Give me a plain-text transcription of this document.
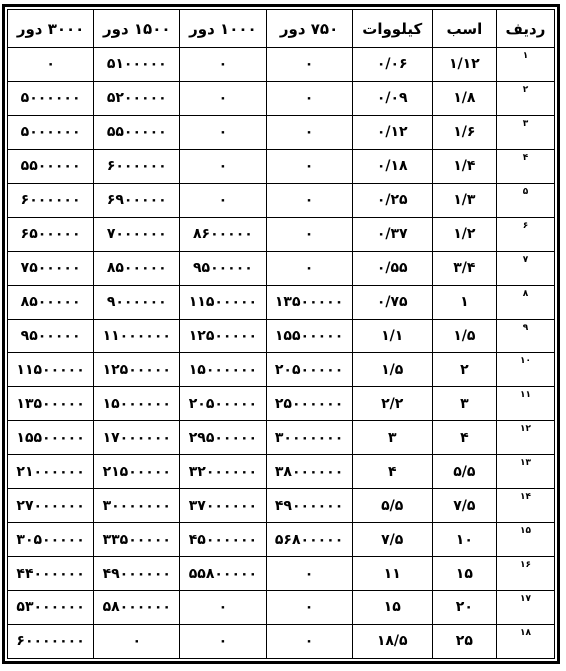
ردیف	اسب	کیلووات	۷۵۰ دور	۱۰۰۰ دور	۱۵۰۰ دور	۳۰۰۰ دور
۱	۱/۱۲	۰/۰۶	۰	۰	۵۱۰۰۰۰۰	۰
۲	۱/۸	۰/۰۹	۰	۰	۵۲۰۰۰۰۰	۵۰۰۰۰۰۰
۳	۱/۶	۰/۱۲	۰	۰	۵۵۰۰۰۰۰	۵۰۰۰۰۰۰
۴	۱/۴	۰/۱۸	۰	۰	۶۰۰۰۰۰۰	۵۵۰۰۰۰۰
۵	۱/۳	۰/۲۵	۰	۰	۶۹۰۰۰۰۰	۶۰۰۰۰۰۰
۶	۱/۲	۰/۳۷	۰	۸۶۰۰۰۰۰	۷۰۰۰۰۰۰	۶۵۰۰۰۰۰
۷	۳/۴	۰/۵۵	۰	۹۵۰۰۰۰۰	۸۵۰۰۰۰۰	۷۵۰۰۰۰۰
۸	۱	۰/۷۵	۱۳۵۰۰۰۰۰	۱۱۵۰۰۰۰۰	۹۰۰۰۰۰۰	۸۵۰۰۰۰۰
۹	۱/۵	۱/۱	۱۵۵۰۰۰۰۰	۱۲۵۰۰۰۰۰	۱۱۰۰۰۰۰۰	۹۵۰۰۰۰۰
۱۰	۲	۱/۵	۲۰۵۰۰۰۰۰	۱۵۰۰۰۰۰۰	۱۲۵۰۰۰۰۰	۱۱۵۰۰۰۰۰
۱۱	۳	۲/۲	۲۵۰۰۰۰۰۰	۲۰۵۰۰۰۰۰	۱۵۰۰۰۰۰۰	۱۳۵۰۰۰۰۰
۱۲	۴	۳	۳۰۰۰۰۰۰۰	۲۹۵۰۰۰۰۰	۱۷۰۰۰۰۰۰	۱۵۵۰۰۰۰۰
۱۳	۵/۵	۴	۳۸۰۰۰۰۰۰	۳۲۰۰۰۰۰۰	۲۱۵۰۰۰۰۰	۲۱۰۰۰۰۰۰
۱۴	۷/۵	۵/۵	۴۹۰۰۰۰۰۰	۳۷۰۰۰۰۰۰	۳۰۰۰۰۰۰۰	۲۷۰۰۰۰۰۰
۱۵	۱۰	۷/۵	۵۶۸۰۰۰۰۰	۴۵۰۰۰۰۰۰	۳۳۵۰۰۰۰۰	۳۰۵۰۰۰۰۰
۱۶	۱۵	۱۱	۰	۵۵۸۰۰۰۰۰	۴۹۰۰۰۰۰۰	۴۴۰۰۰۰۰۰
۱۷	۲۰	۱۵	۰	۰	۵۸۰۰۰۰۰۰	۵۳۰۰۰۰۰۰
۱۸	۲۵	۱۸/۵	۰	۰	۰	۶۰۰۰۰۰۰۰
